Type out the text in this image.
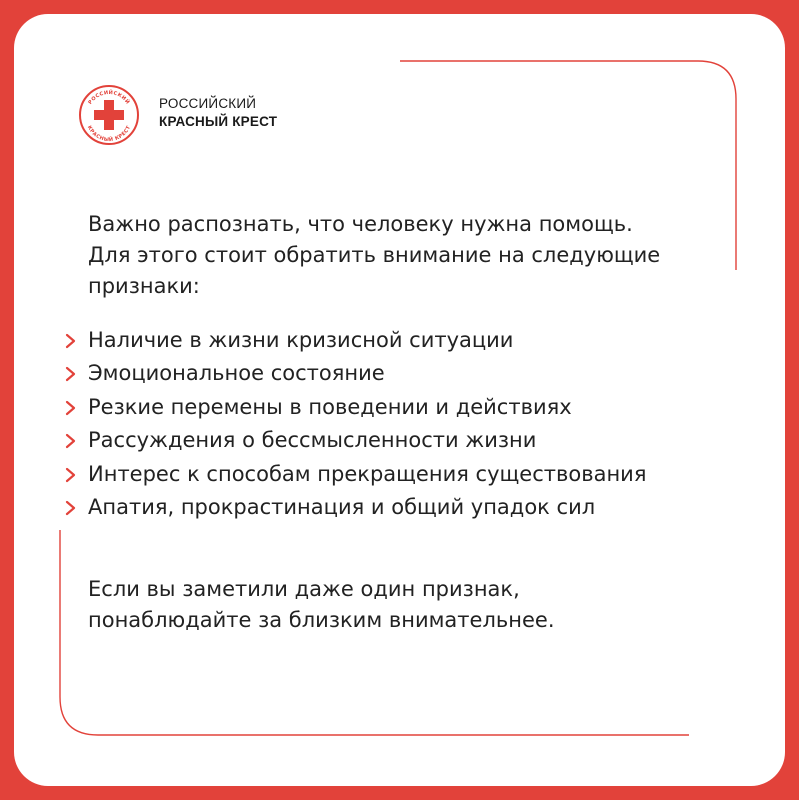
РОССИЙСКИЙ
КРАСНЫЙ КРЕСТ
РОССИЙСКИЙ
КРАСНЫЙ КРЕСТ

Важно распознать, что человеку нужна помощь.
Для этого стоит обратить внимание на следующие
признаки:

Наличие в жизни кризисной ситуации
Эмоциональное состояние
Резкие перемены в поведении и действиях
Рассуждения о бессмысленности жизни
Интерес к способам прекращения существования
Апатия, прокрастинация и общий упадок сил

Если вы заметили даже один признак,
понаблюдайте за близким внимательнее.
